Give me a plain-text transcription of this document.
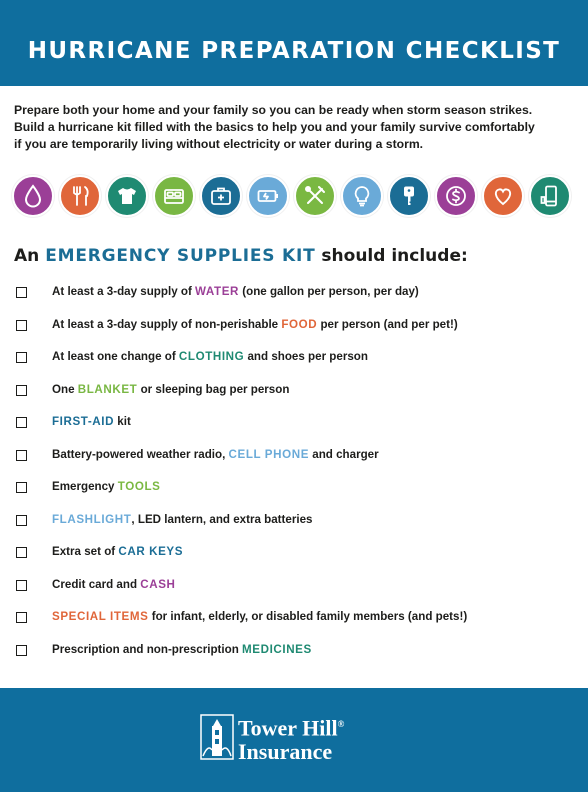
HURRICANE PREPARATION CHECKLIST
Prepare both your home and your family so you can be ready when storm season strikes.
Build a hurricane kit filled with the basics to help you and your family survive comfortably
if you are temporarily living without electricity or water during a storm.
An EMERGENCY SUPPLIES KIT should include:
At least a 3-day supply of WATER (one gallon per person, per day)
At least a 3-day supply of non-perishable FOOD per person (and per pet!)
At least one change of CLOTHING and shoes per person
One BLANKET or sleeping bag per person
FIRST-AID kit
Battery-powered weather radio, CELL PHONE and charger
Emergency TOOLS
FLASHLIGHT, LED lantern, and extra batteries
Extra set of CAR KEYS
Credit card and CASH
SPECIAL ITEMS for infant, elderly, or disabled family members (and pets!)
Prescription and non-prescription MEDICINES
Tower Hill®
Insurance
